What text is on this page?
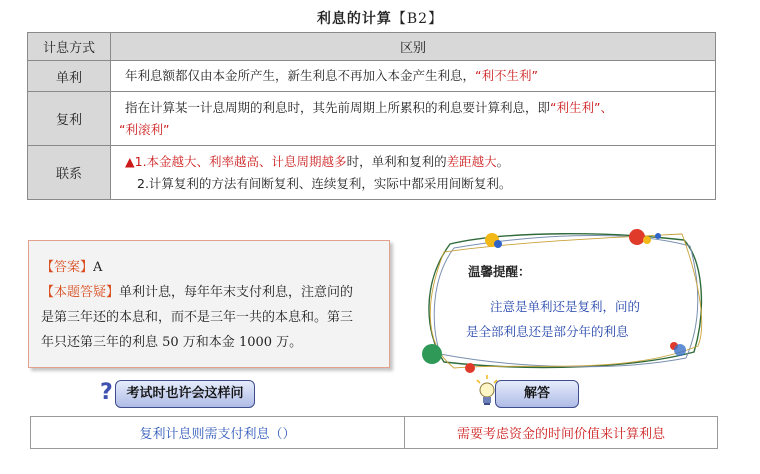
利息的计算【B2】
计息方式	区别
单利	年利息额都仅由本金所产生，新生利息不再加入本金产生利息，“利不生利”
复利	指在计算某一计息周期的利息时，其先前周期上所累积的利息要计算利息，即“利生利”、
“利滚利”

联系	▲1.本金越大、利率越高、计息周期越多时，单利和复利的差距越大。
2.计算复利的方法有间断复利、连续复利，实际中都采用间断复利。
【答案】A
【本题答疑】单利计息，每年年末支付利息，注意问的
是第三年还的本息和，而不是三年一共的本息和。第三
年只还第三年的利息 50 万和本金 1000 万。
温馨提醒：
注意是单利还是复利，问的
是全部利息还是部分年的利息
?	考试时也许会这样问	解答
复利计息则需支付利息（）	需要考虑资金的时间价值来计算利息
